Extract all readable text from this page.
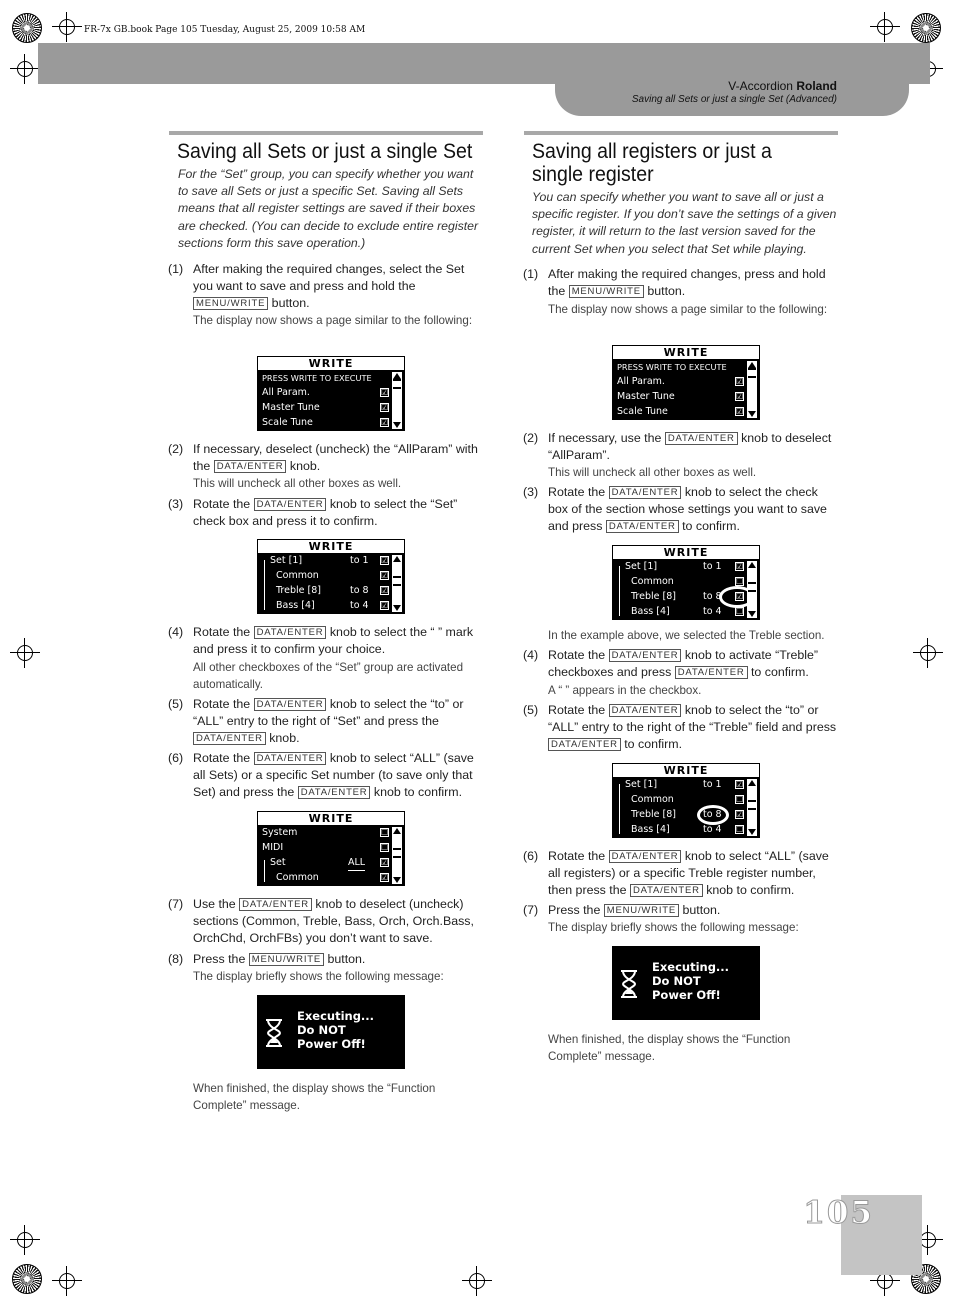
FR-7x GB.book Page 105 Tuesday, August 25, 2009 10:58 AM
V-Accordion Roland
Saving all Sets or just a single Set (Advanced)
Saving all Sets or just a single Set

For the “Set” group, you can specify whether you want to save all Sets or just a specific Set. Saving all Sets means that all register settings are saved if their boxes are checked. (You can decide to exclude entire register sections form this save operation.)

(1) After making the required changes, select the Set you want to save and press and hold the MENU/WRITE button.
The display now shows a page similar to the following:
WRITE
PRESS WRITE TO EXECUTE
All Param.	☑
Master Tune	☑
Scale Tune	☑
(2) If necessary, deselect (uncheck) the “AllParam” with the DATA/ENTER knob.
This will uncheck all other boxes as well.
(3) Rotate the DATA/ENTER knob to select the “Set” check box and press it to confirm.
WRITE
Set [1]	to 1 ☑
Common	☑
Treble [8]	to 8 ☑
Bass [4]	to 4 ☑
(4) Rotate the DATA/ENTER knob to select the “ ” mark and press it to confirm your choice.
All other checkboxes of the “Set” group are activated automatically.
(5) Rotate the DATA/ENTER knob to select the “to” or “ALL” entry to the right of “Set” and press the DATA/ENTER knob.
(6) Rotate the DATA/ENTER knob to select “ALL” (save all Sets) or a specific Set number (to save only that Set) and press the DATA/ENTER knob to confirm.
WRITE
System	☐
MIDI	☐
Set	ALL ☑
Common	☑
(7) Use the DATA/ENTER knob to deselect (uncheck) sections (Common, Treble, Bass, Orch, Orch.Bass, OrchChd, OrchFBs) you don’t want to save.
(8) Press the MENU/WRITE button.
The display briefly shows the following message:
Executing...
Do NOT
Power Off!
When finished, the display shows the “Function Complete” message.
Saving all registers or just a single register

You can specify whether you want to save all or just a specific register. If you don’t save the settings of a given register, it will return to the last version saved for the current Set when you select that Set while playing.

(1) After making the required changes, press and hold the MENU/WRITE button.
The display now shows a page similar to the following:
WRITE
PRESS WRITE TO EXECUTE
All Param.	☑
Master Tune	☑
Scale Tune	☑
(2) If necessary, use the DATA/ENTER knob to deselect “AllParam”.
This will uncheck all other boxes as well.
(3) Rotate the DATA/ENTER knob to select the check box of the section whose settings you want to save and press DATA/ENTER to confirm.
WRITE
Set [1]	to 1 ☑
Common	☐
Treble [8]	to 8 ☑
Bass [4]	to 4 ☐
In the example above, we selected the Treble section.
(4) Rotate the DATA/ENTER knob to activate “Treble” checkboxes and press DATA/ENTER to confirm.
A “ ” appears in the checkbox.
(5) Rotate the DATA/ENTER knob to select the “to” or “ALL” entry to the right of the “Treble” field and press DATA/ENTER to confirm.
WRITE
Set [1]	to 1 ☑
Common	☐
Treble [8]	to 8 ☑
Bass [4]	to 4 ☐
(6) Rotate the DATA/ENTER knob to select “ALL” (save all registers) or a specific Treble register number, then press the DATA/ENTER knob to confirm.
(7) Press the MENU/WRITE button.
The display briefly shows the following message:
Executing...
Do NOT
Power Off!
When finished, the display shows the “Function Complete” message.
105
